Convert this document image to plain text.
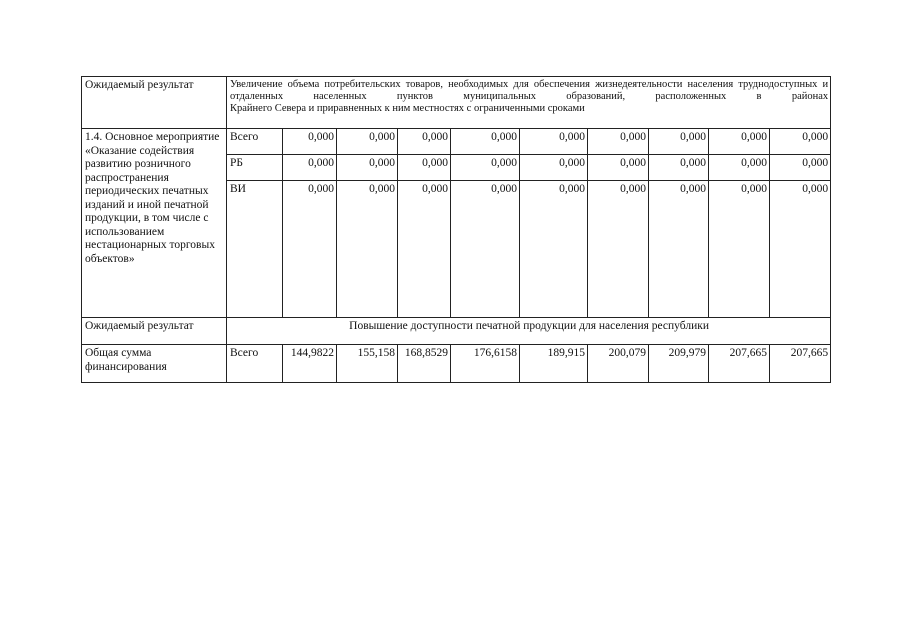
Ожидаемый результат	Увеличение объема потребительских товаров, необходимых для обеспечения жизнедеятельности населения труднодоступных и отдаленных населенных пунктов муниципальных образований, расположенных в районах
Крайнего Севера и приравненных к ним местностях с ограниченными сроками									

1.4. Основное мероприятие «Оказание содействия развитию розничного распространения периодических печатных изданий и иной печатной продукции, в том числе с использованием нестационарных торговых объектов»	Всего	0,000	0,000	0,000	0,000	0,000	0,000	0,000	0,000	0,000
	РБ	0,000	0,000	0,000	0,000	0,000	0,000	0,000	0,000	0,000
	ВИ	0,000	0,000	0,000	0,000	0,000	0,000	0,000	0,000	0,000
Ожидаемый результат	Повышение доступности печатной продукции для населения республики									
Общая сумма финансирования	Всего	144,9822	155,158	168,8529	176,6158	189,915	200,079	209,979	207,665	207,665
